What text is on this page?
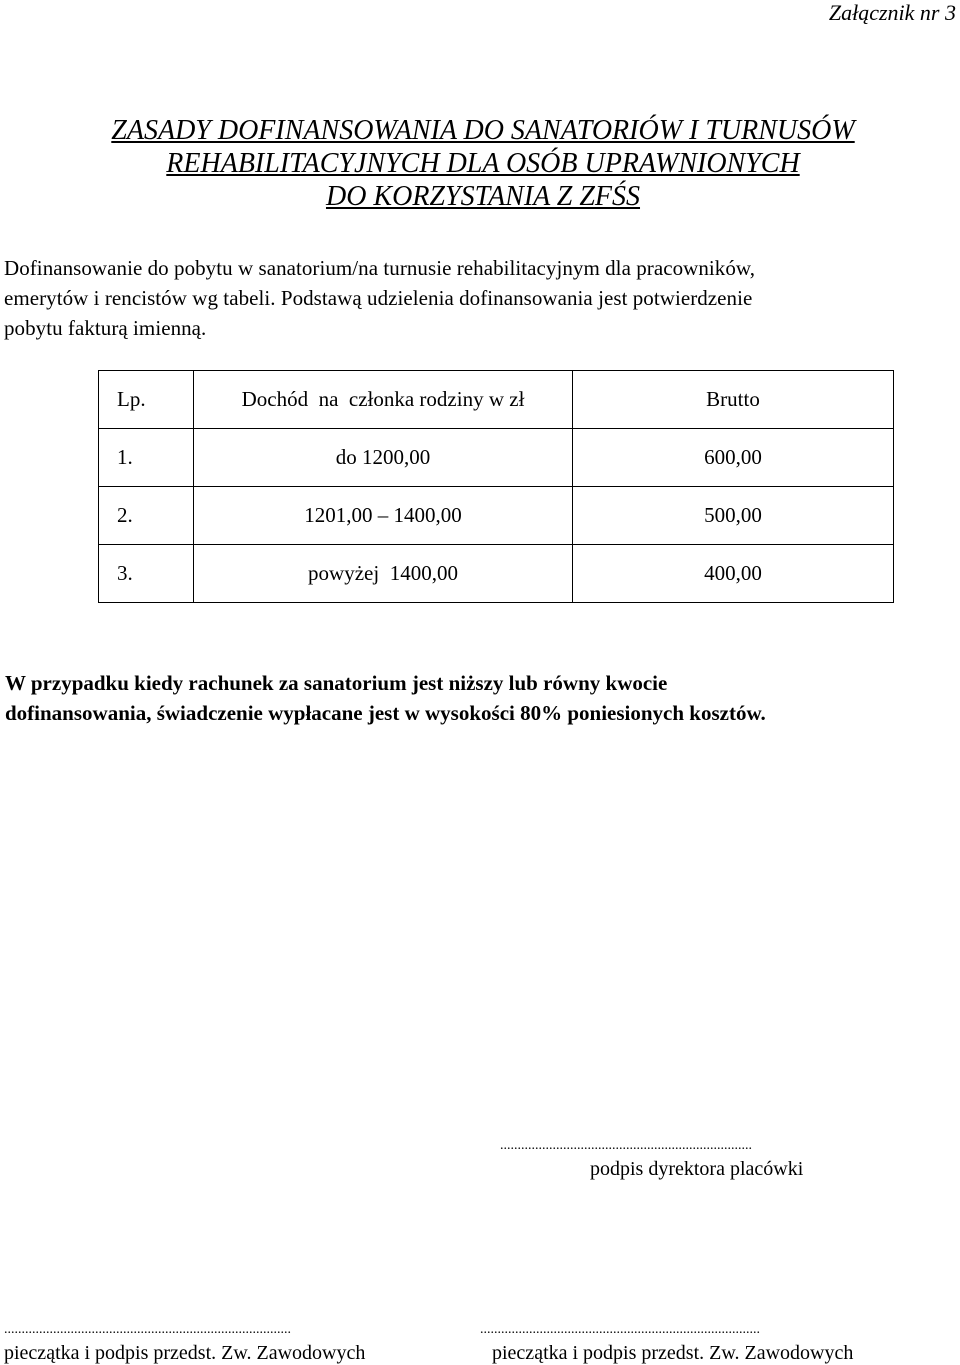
Załącznik nr 3
ZASADY DOFINANSOWANIA DO SANATORIÓW I TURNUSÓW
REHABILITACYJNYCH DLA OSÓB UPRAWNIONYCH
DO KORZYSTANIA Z ZFŚS
Dofinansowanie do pobytu w sanatorium/na turnusie rehabilitacyjnym dla pracowników,
emerytów i rencistów wg tabeli. Podstawą udzielenia dofinansowania jest potwierdzenie
pobytu fakturą imienną.
Lp.	Dochód  na  członka rodziny w zł	Brutto
1.	do 1200,00	600,00
2.	1201,00 – 1400,00	500,00
3.	powyżej  1400,00	400,00
W przypadku kiedy rachunek za sanatorium jest niższy lub równy kwocie
dofinansowania, świadczenie wypłacane jest w wysokości 80% poniesionych kosztów.
........................................................................
podpis dyrektora placówki
..................................................................................
pieczątka i podpis przedst. Zw. Zawodowych
................................................................................
pieczątka i podpis przedst. Zw. Zawodowych
